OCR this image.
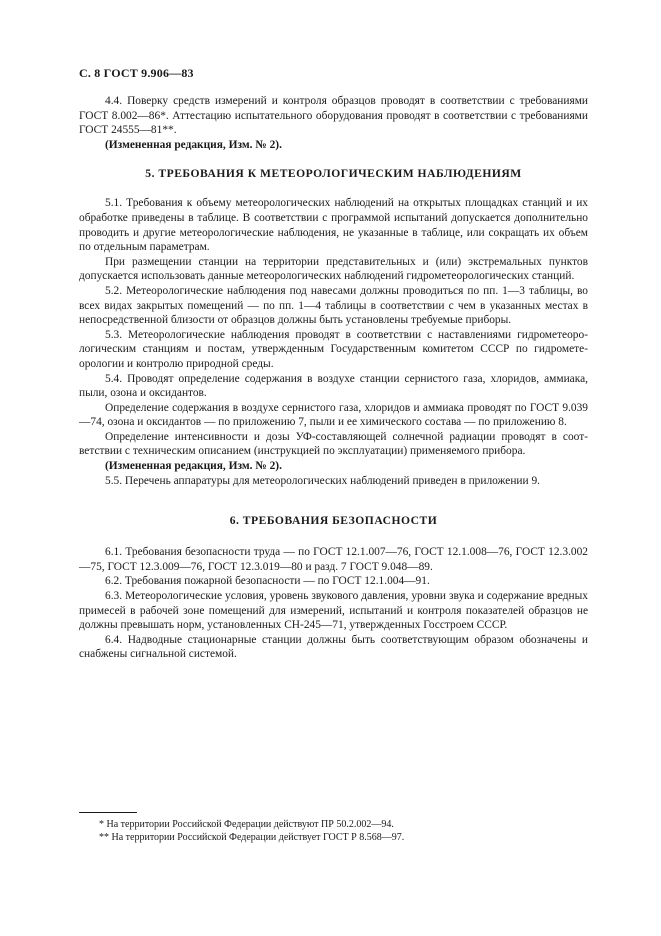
С. 8 ГОСТ 9.906—83

4.4. Поверку средств измерений и контроля образцов проводят в соответствии с требованиями ГОСТ 8.002—86*. Аттестацию испытательного оборудования проводят в соответствии с требованиями ГОСТ 24555—81**.

(Измененная редакция, Изм. № 2).

5. ТРЕБОВАНИЯ К МЕТЕОРОЛОГИЧЕСКИМ НАБЛЮДЕНИЯМ

5.1. Требования к объему метеорологических наблюдений на открытых площадках станций и их обработке приведены в таблице. В соответствии с программой испытаний допускается дополнительно проводить и другие метеорологические наблюдения, не указанные в таблице, или сокращать их объем по отдельным параметрам.

При размещении станции на территории представительных и (или) экстремальных пунктов допускается использовать данные метеорологических наблюдений гидрометеорологических станций.

5.2. Метеорологические наблюдения под навесами должны проводиться по пп. 1—3 таблицы, во всех видах закрытых помещений — по пп. 1—4 таблицы в соответствии с чем в указанных местах в непосредственной близости от образцов должны быть установлены требуемые приборы.

5.3. Метеорологические наблюдения проводят в соответствии с наставлениями гидрометеорологическим станциям и постам, утвержденным Государственным комитетом СССР по гидрометеорологии и контролю природной среды.

5.4. Проводят определение содержания в воздухе станции сернистого газа, хлоридов, аммиака, пыли, озона и оксидантов.

Определение содержания в воздухе сернистого газа, хлоридов и аммиака проводят по ГОСТ 9.039—74, озона и оксидантов — по приложению 7, пыли и ее химического состава — по приложению 8.

Определение интенсивности и дозы УФ-составляющей солнечной радиации проводят в соответствии с техническим описанием (инструкцией по эксплуатации) применяемого прибора.

(Измененная редакция, Изм. № 2).

5.5. Перечень аппаратуры для метеорологических наблюдений приведен в приложении 9.

6. ТРЕБОВАНИЯ БЕЗОПАСНОСТИ

6.1. Требования безопасности труда — по ГОСТ 12.1.007—76, ГОСТ 12.1.008—76, ГОСТ 12.3.002—75, ГОСТ 12.3.009—76, ГОСТ 12.3.019—80 и разд. 7 ГОСТ 9.048—89.

6.2. Требования пожарной безопасности — по ГОСТ 12.1.004—91.

6.3. Метеорологические условия, уровень звукового давления, уровни звука и содержание вредных примесей в рабочей зоне помещений для измерений, испытаний и контроля показателей образцов не должны превышать норм, установленных СН-245—71, утвержденных Госстроем СССР.

6.4. Надводные стационарные станции должны быть соответствующим образом обозначены и снабжены сигнальной системой.

* На территории Российской Федерации действуют ПР 50.2.002—94.
** На территории Российской Федерации действует ГОСТ Р 8.568—97.
